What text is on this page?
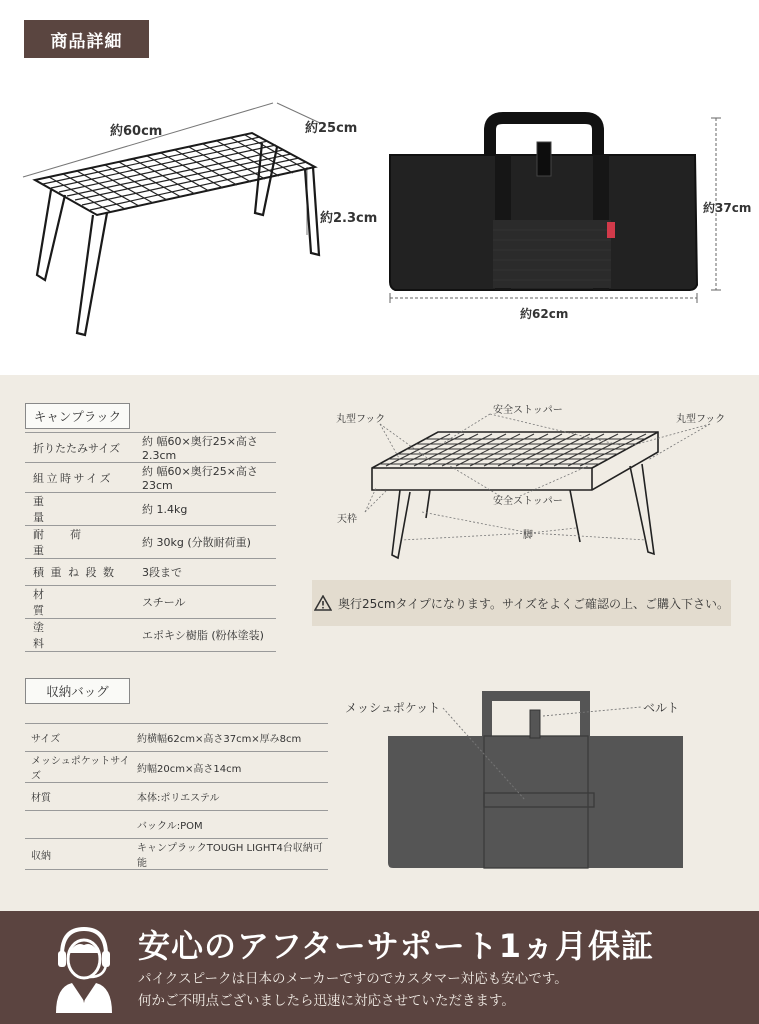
商品詳細
約60cm	約25cm
約2.3cm
約37cm
約62cm
キャンプラック
折りたたみサイズ	約 幅60×奥行25×高さ2.3cm
組立時サイズ	約 幅60×奥行25×高さ23cm
重量	約 1.4kg
耐荷重	約 30kg (分散耐荷重)
積重ね段数	3段まで
材質	スチール
塗料	エポキシ樹脂 (粉体塗装)
丸型フック
安全ストッパー
丸型フック
安全ストッパー
天枠
脚
奥行25cmタイプになります。サイズをよくご確認の上、ご購入下さい。
収納バッグ
サイズ	約横幅62cm×高さ37cm×厚み8cm
メッシュポケットサイズ	約幅20cm×高さ14cm
材質	本体:ポリエステル
	バックル:POM
収納	キャンプラックTOUGH LIGHT4台収納可能
メッシュポケット	ベルト
安心のアフターサポート1ヵ月保証
パイクスピークは日本のメーカーですのでカスタマー対応も安心です。
何かご不明点ございましたら迅速に対応させていただきます。
